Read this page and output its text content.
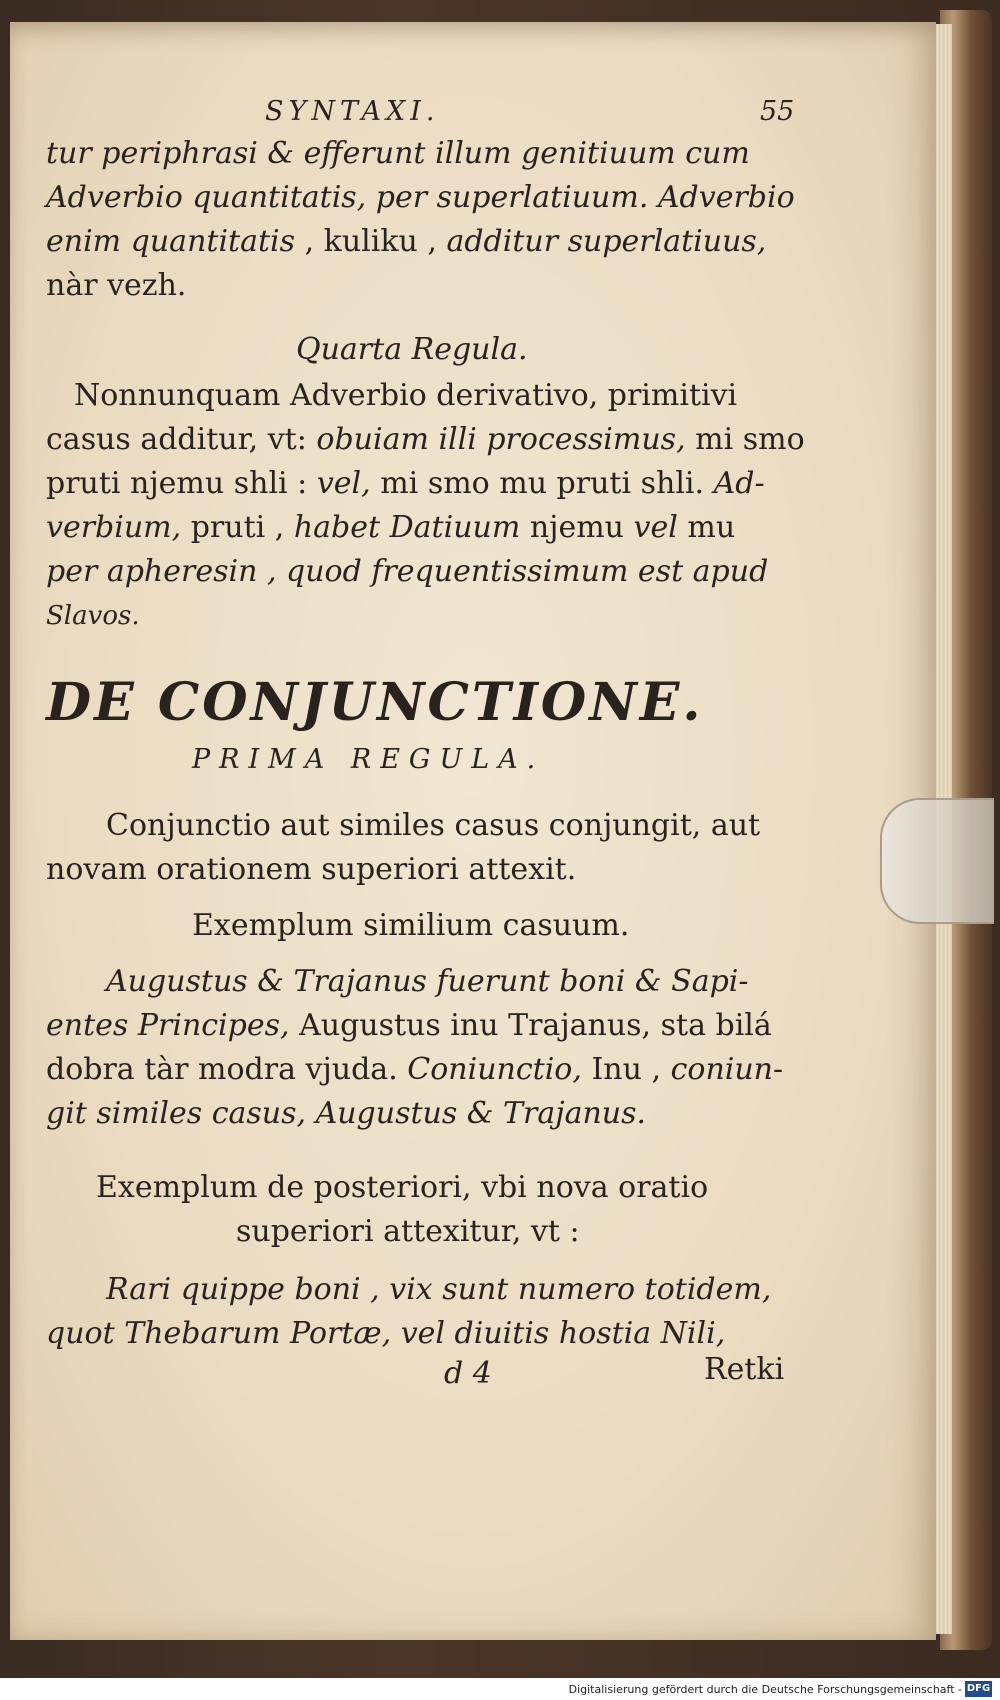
SYNTAXI.	55
tur periphrasi & efferunt illum genitiuum cum
Adverbio quantitatis, per superlatiuum. Adverbio
enim quantitatis , kuliku , additur superlatiuus,
nàr vezh.
Nonnunquam Adverbio derivativo, primitivi
casus additur, vt: obuiam illi processimus, mi smo
pruti njemu shli : vel, mi smo mu pruti shli. Ad-
verbium, pruti , habet Datiuum njemu vel mu
per apheresin , quod frequentissimum est apud
Slavos.
Conjunctio aut similes casus conjungit, aut
novam orationem superiori attexit.
Augustus & Trajanus fuerunt boni & Sapi-
entes Principes, Augustus inu Trajanus, sta bilá
dobra tàr modra vjuda. Coniunctio, Inu , coniun-
git similes casus, Augustus & Trajanus.
Rari quippe boni , vix sunt numero totidem,
quot Thebarum Portæ, vel diuitis hostia Nili,
Quarta Regula.
DE CONJUNCTIONE.
PRIMA REGULA.
Exemplum similium casuum.
Exemplum de posteriori, vbi nova oratio
superiori attexitur, vt :
d 4	Retki
Digitalisierung gefördert durch die Deutsche Forschungsgemeinschaft - DFG
